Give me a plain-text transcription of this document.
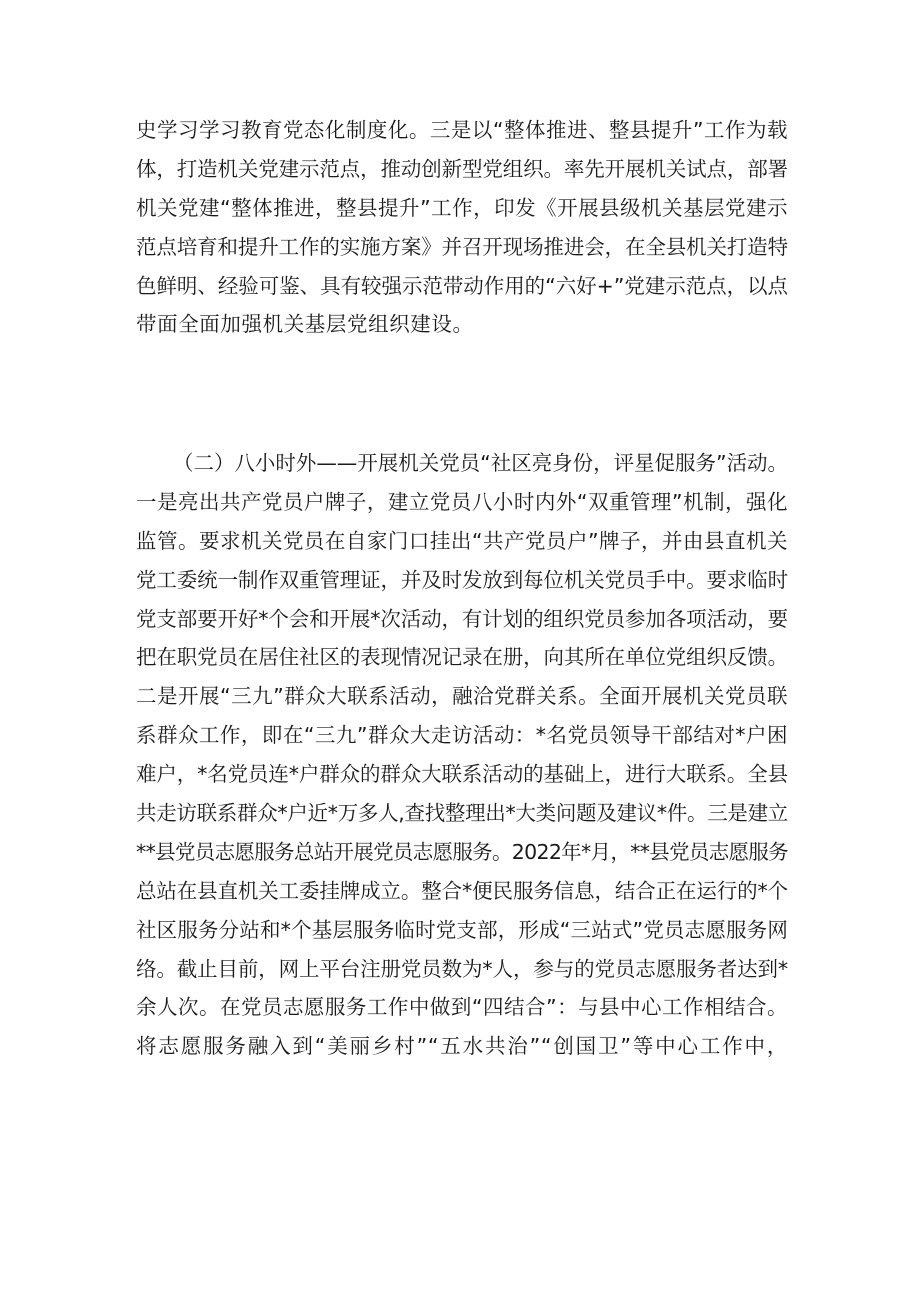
史学习学习教育党态化制度化。三是以“整体推进、整县提升”工作为载
体，打造机关党建示范点，推动创新型党组织。率先开展机关试点，部署
机关党建“整体推进，整县提升”工作，印发《开展县级机关基层党建示
范点培育和提升工作的实施方案》并召开现场推进会，在全县机关打造特
色鲜明、经验可鉴、具有较强示范带动作用的“六好+”党建示范点，以点
带面全面加强机关基层党组织建设。
（二）八小时外——开展机关党员“社区亮身份，评星促服务”活动。
一是亮出共产党员户牌子，建立党员八小时内外“双重管理”机制，强化
监管。要求机关党员在自家门口挂出“共产党员户”牌子，并由县直机关
党工委统一制作双重管理证，并及时发放到每位机关党员手中。要求临时
党支部要开好*个会和开展*次活动，有计划的组织党员参加各项活动，要
把在职党员在居住社区的表现情况记录在册，向其所在单位党组织反馈。
二是开展“三九”群众大联系活动，融洽党群关系。全面开展机关党员联
系群众工作，即在“三九”群众大走访活动：*名党员领导干部结对*户困
难户，*名党员连*户群众的群众大联系活动的基础上，进行大联系。全县
共走访联系群众*户近*万多人,查找整理出*大类问题及建议*件。三是建立
**县党员志愿服务总站开展党员志愿服务。2022年*月，**县党员志愿服务
总站在县直机关工委挂牌成立。整合*便民服务信息，结合正在运行的*个
社区服务分站和*个基层服务临时党支部，形成“三站式”党员志愿服务网
络。截止目前，网上平台注册党员数为*人，参与的党员志愿服务者达到*
余人次。在党员志愿服务工作中做到“四结合”：与县中心工作相结合。
将志愿服务融入到“美丽乡村”“五水共治”“创国卫”等中心工作中，
